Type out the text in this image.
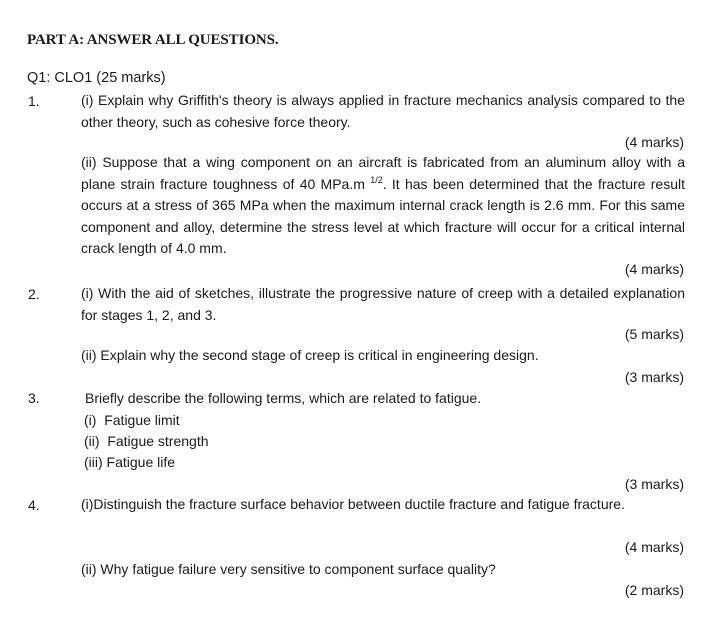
PART A: ANSWER ALL QUESTIONS.
Q1: CLO1 (25 marks)
1.	(i) Explain why Griffith's theory is always applied in fracture mechanics analysis compared to the other theory, such as cohesive force theory.
(4 marks)
(ii) Suppose that a wing component on an aircraft is fabricated from an aluminum alloy with a plane strain fracture toughness of 40 MPa.m $^{1/2}$. It has been determined that the fracture result occurs at a stress of 365 MPa when the maximum internal crack length is 2.6 mm. For this same component and alloy, determine the stress level at which fracture will occur for a critical internal crack length of 4.0 mm.
(4 marks)
2.	(i) With the aid of sketches, illustrate the progressive nature of creep with a detailed explanation for stages 1, 2, and 3.
(5 marks)
(ii) Explain why the second stage of creep is critical in engineering design.
(3 marks)
3.	Briefly describe the following terms, which are related to fatigue.
(i)  Fatigue limit
(ii)  Fatigue strength
(iii) Fatigue life
(3 marks)
4.	(i)Distinguish the fracture surface behavior between ductile fracture and fatigue fracture.
(4 marks)
(ii) Why fatigue failure very sensitive to component surface quality?
(2 marks)
